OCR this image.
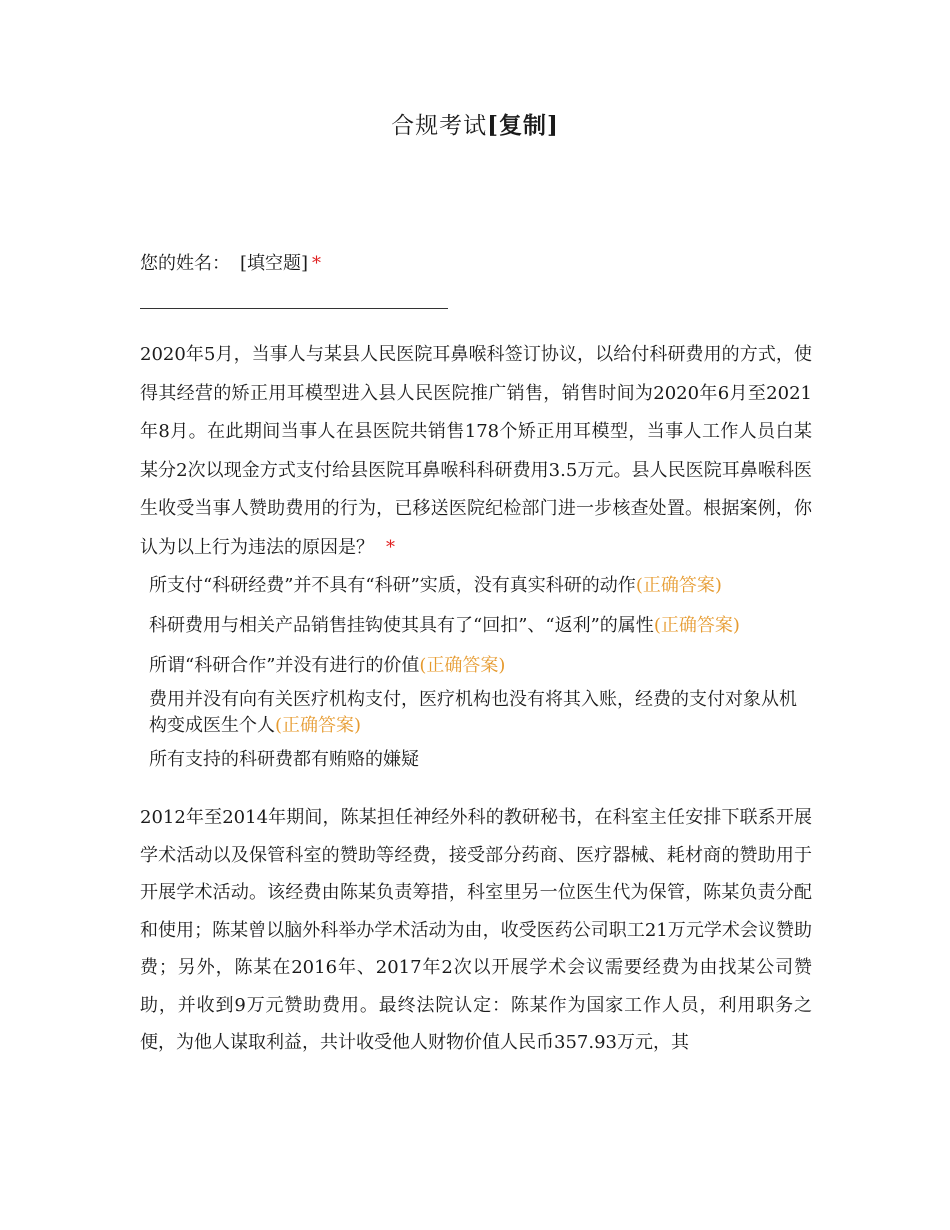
合规考试[复制]
您的姓名： [填空题] *
2020年5月，当事人与某县人民医院耳鼻喉科签订协议，以给付科研费用的方式，使得其经营的矫正用耳模型进入县人民医院推广销售，销售时间为2020年6月至2021年8月。在此期间当事人在县医院共销售178个矫正用耳模型，当事人工作人员白某某分2次以现金方式支付给县医院耳鼻喉科科研费用3.5万元。县人民医院耳鼻喉科医生收受当事人赞助费用的行为，已移送医院纪检部门进一步核查处置。根据案例，你认为以上行为违法的原因是？ *
所支付“科研经费”并不具有“科研”实质，没有真实科研的动作(正确答案)
科研费用与相关产品销售挂钩使其具有了“回扣”、“返利”的属性(正确答案)
所谓“科研合作”并没有进行的价值(正确答案)
费用并没有向有关医疗机构支付，医疗机构也没有将其入账，经费的支付对象从机构变成医生个人(正确答案)
所有支持的科研费都有贿赂的嫌疑
2012年至2014年期间，陈某担任神经外科的教研秘书，在科室主任安排下联系开展学术活动以及保管科室的赞助等经费，接受部分药商、医疗器械、耗材商的赞助用于开展学术活动。该经费由陈某负责筹措，科室里另一位医生代为保管，陈某负责分配和使用；陈某曾以脑外科举办学术活动为由，收受医药公司职工21万元学术会议赞助费；另外，陈某在2016年、2017年2次以开展学术会议需要经费为由找某公司赞助，并收到9万元赞助费用。最终法院认定：陈某作为国家工作人员，利用职务之便，为他人谋取利益，共计收受他人财物价值人民币357.93万元，其
